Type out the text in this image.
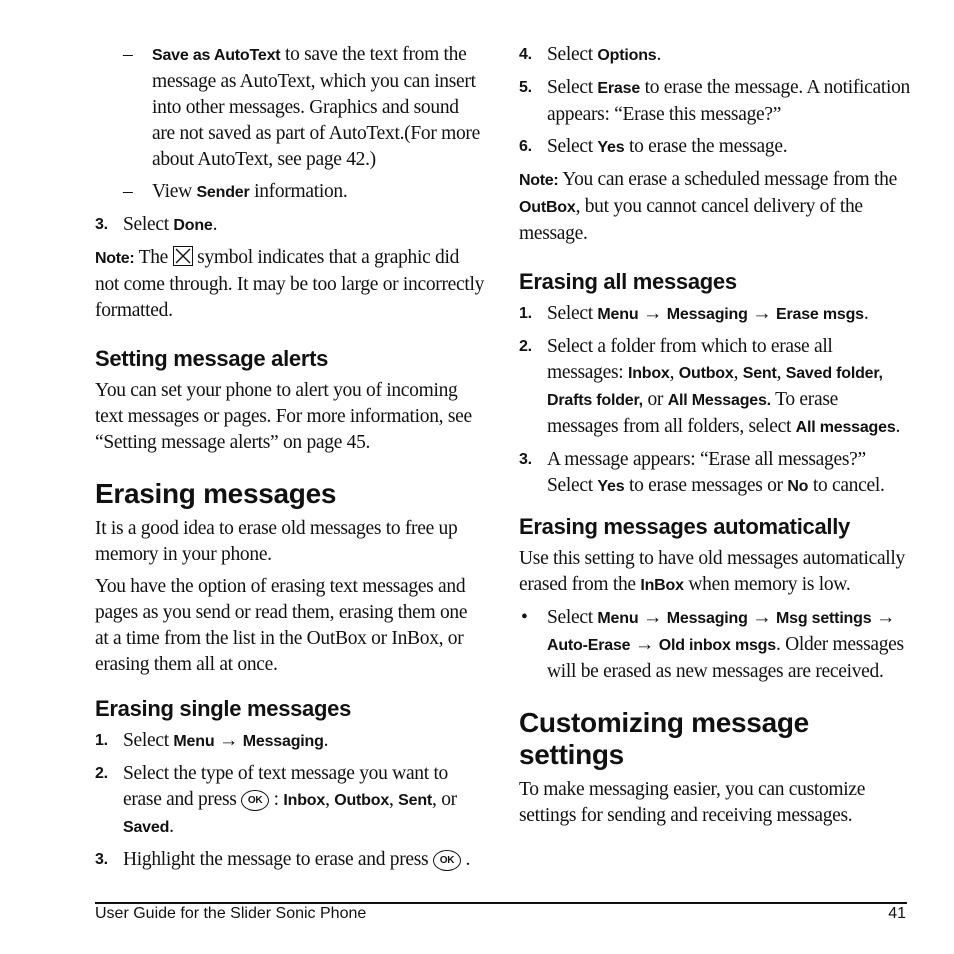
– Save as AutoText to save the text from the message as AutoText, which you can insert into other messages. Graphics and sound are not saved as part of AutoText.(For more about AutoText, see page 42.)
– View Sender information.
3. Select Done.

Note: The
symbol indicates that a graphic did not come through. It may be too large or incorrectly formatted.

Setting message alerts

You can set your phone to alert you of incoming text messages or pages. For more information, see “Setting message alerts” on page 45.

Erasing messages

It is a good idea to erase old messages to free up memory in your phone.

You have the option of erasing text messages and pages as you send or read them, erasing them one at a time from the list in the OutBox or InBox, or erasing them all at once.

Erasing single messages
1. Select Menu → Messaging.
2. Select the type of text message you want to erase and press OK : Inbox, Outbox, Sent, or Saved.
3. Highlight the message to erase and press OK .
4. Select Options.
5. Select Erase to erase the message. A notification appears: “Erase this message?”
6. Select Yes to erase the message.

Note: You can erase a scheduled message from the OutBox, but you cannot cancel delivery of the message.

Erasing all messages
1. Select Menu → Messaging → Erase msgs.
2. Select a folder from which to erase all messages: Inbox, Outbox, Sent, Saved folder, Drafts folder, or All Messages. To erase messages from all folders, select All messages.
3. A message appears: “Erase all messages?” Select Yes to erase messages or No to cancel.
Erasing messages automatically

Use this setting to have old messages automatically erased from the InBox when memory is low.

• Select Menu → Messaging → Msg settings → Auto-Erase → Old inbox msgs. Older messages will be erased as new messages are received.
Customizing message settings

To make messaging easier, you can customize settings for sending and receiving messages.

User Guide for the Slider Sonic Phone	41
